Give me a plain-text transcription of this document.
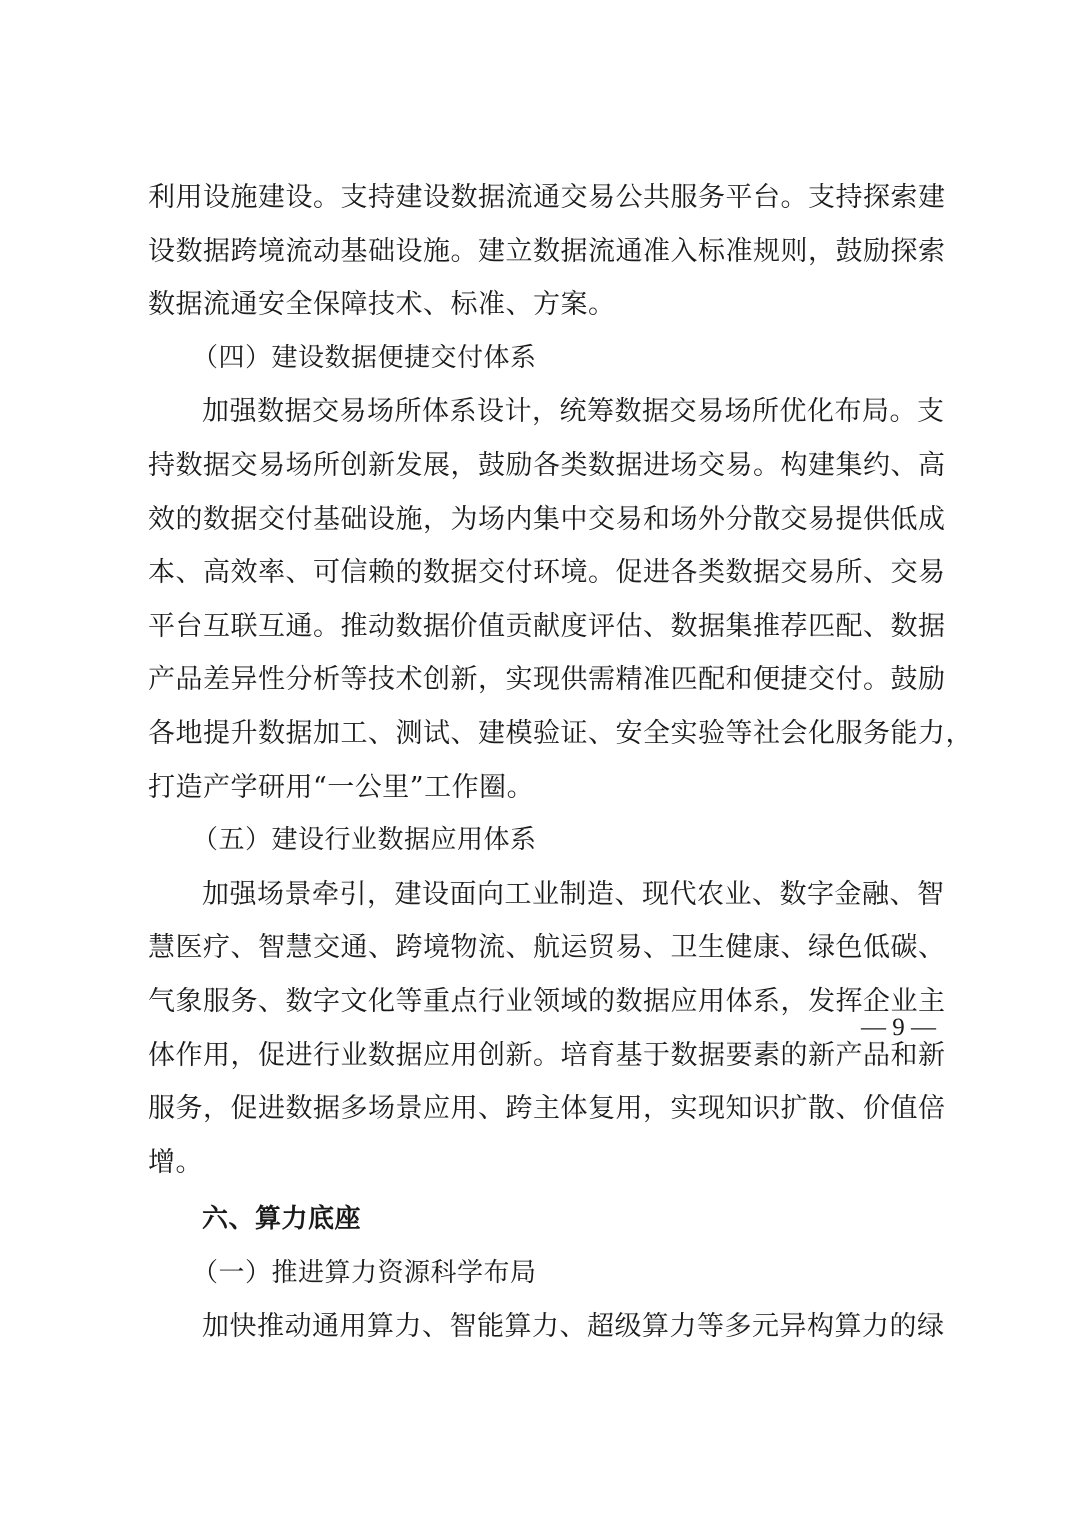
利用设施建设。支持建设数据流通交易公共服务平台。支持探索建
设数据跨境流动基础设施。建立数据流通准入标准规则，鼓励探索
数据流通安全保障技术、标准、方案。
（四）建设数据便捷交付体系
加强数据交易场所体系设计，统筹数据交易场所优化布局。支
持数据交易场所创新发展，鼓励各类数据进场交易。构建集约、高
效的数据交付基础设施，为场内集中交易和场外分散交易提供低成
本、高效率、可信赖的数据交付环境。促进各类数据交易所、交易
平台互联互通。推动数据价值贡献度评估、数据集推荐匹配、数据
产品差异性分析等技术创新，实现供需精准匹配和便捷交付。鼓励
各地提升数据加工、测试、建模验证、安全实验等社会化服务能力，
打造产学研用“一公里”工作圈。
（五）建设行业数据应用体系
加强场景牵引，建设面向工业制造、现代农业、数字金融、智
慧医疗、智慧交通、跨境物流、航运贸易、卫生健康、绿色低碳、
气象服务、数字文化等重点行业领域的数据应用体系，发挥企业主
体作用，促进行业数据应用创新。培育基于数据要素的新产品和新
服务，促进数据多场景应用、跨主体复用，实现知识扩散、价值倍
增。
六、算力底座
（一）推进算力资源科学布局
加快推动通用算力、智能算力、超级算力等多元异构算力的绿
— 9 —
